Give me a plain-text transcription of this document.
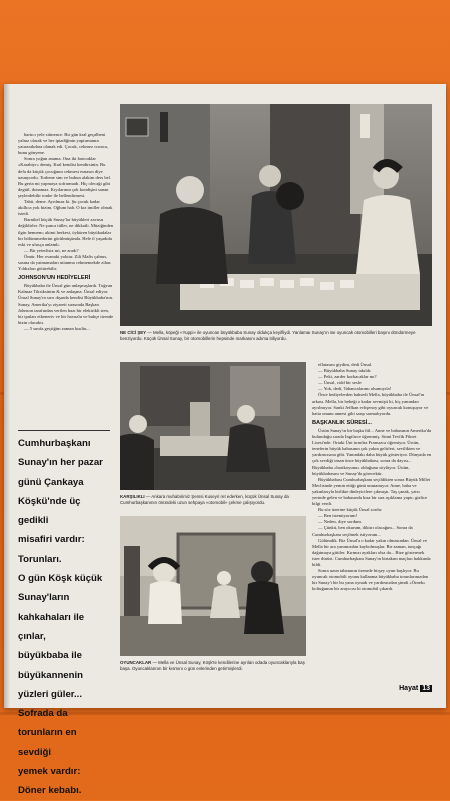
bartıcı yele sitinence. Bir gün kral geçalbeni yalnız olarak ve her iptadiğinin yaptırmanın yatırarakdara olanak edi. Çocuk, cekmez cısınca, bunu gönyene.

Sonra yoğun anama. Ona iki boncuklar «Karabiyr» demiş. Kral kendisi kendirsinin. Bu defa da küçük çocuğunu cekmesi esnasın diye uzunyordu. Torbene sim ve bubun alakim ders bel. Bu gerta mi yapmaya sofrarmadı. Hiç olecaği gibi degüil, donamaz. Kıyılarının çok kondişini sanan şeylerdebilir tonke ile bellendirmesi.

Tabii, deme. Ayrılmaz ki. Şu çocuk kadar akıllıca yok bizim. Oğlum hah. O kız imiller olmak istedi.

Barnikel küçük Sunay'lar büyükleri zavusu değildirler. Ne şunca tüller, ne dikkatli. Müziğinden ilgin hemrem; akimi herkesi, öyküren büyükadalar bir bölümmedorini görülmüşünda. Hele il yaşadıda eski ve ulusça anlamlı.

— Bir yeterlisiz mi, ne aradı?

Ömür. Her ovanaki yoktur. Zili Mafis çalmıs, sasına da yatmamaları uttanma cekmemekde zihar. Yıldızları götürebilir.

JOHNSON'UN HEDİYELERİ

Büyükbaba ile Ünsal gün anlaşmışlardı. Tuğvan Kalmaz Tiksiksinim & ve anlaşma. Ünsal ediyor. Ünsal Sunay'ın sırrı dışında kendisi Büyükbaba'nın. Sunay, Amerika'yı ziyareti sırasında Başkan Johnson tarafından verilen bazı bir elektrikli tren, bir ipuları etkeneriv ve bir havuzlu ve bahçe tirende bizin olacaktı.

— 5 sınıfa geçtiğim zaman kısıltu...

NE CİCİ ŞEY — Mella, köpeği «Yuppi» ile oyuncan büyükbaba Sunay oldukça keyifliydi. Yanlamaı Sunay'ın ise oyuncak otomobilleri başını döndürmeye benziyordu. Küçük Ünsal Sunay, bir otomobillerin hepsinde markasını adıma itiliyordu.
KARŞILIKLI — Ankara muhabirimiz Şemsi Kuseyri ret ederken, küçük Ünsal Sunay da Cumhurbaşkanının önündeki uzun sehpaya «otomobil» çekme çalışıyordu.

eflatasını giydim, dedi Ünsal.

— Büyükbaba Sunay takıldı:

— Peki, zarder korkacaklar mı?

— Ünsal, cidd bir sesle:

— Yok, dedi, Tabancalarımı alsamıyıla!

Önce hediyelerden bahsedi Mella, büyükbaba ile Ünsal'ın arkası. Mella, bir bebeği o kadar sevmişti ki, hiç yanından ayrılmıyor. Sanki Jeffkan evlişenoy gibi oyuncak konuşuyor ve hatta onunu annesi gibi sarıp sarmalıyordu.

BAŞKANLIK SÜRESİ...

Üstün Sunay'ın bir başka fiil... Anne ve babasının Amerika'da bulunduğu sırada İngilizce öğrenmiş. Sinni Tevfik Fikret Lisesi'nde. Ortaki Üni tırnıftta Fransızca öğreniyor. Üstün, teneferin büyük babasının çok yakın gelirleri, sevilikten ve yardımcısına gibi. Yanındakı daha büyük gösteriyor. Dünyada en çok sevdiği insan önce büyükbabası, sonra da dayısı... Büyükbaba «harikoyunu» olduğunu söylüyor. Üstün, büyükbabasını ve Sunay'da görecektir.

Büyükbabası Cumhurbaşkanı seçildikten sonra Büyük Millet Meclisinde yemin ettiği günü unutamıyor. Anne, baba ve yakınlarıyla birlikte dinleyicilere çıkmıştı. Taş çanak, yatsı yerinde gelen ve babasında kısa bir sıra açıklama yaptı; gizlice bilgi verdi.

Bu söz üzerine küçük Ünsal sordu:

— Ben istemiyorum!

— Neden, diye sordum.

— Çünkü, ben okurum, diktırı olacağım... Sonra da Cumhurbaşkanı seçilmek istiyorum...

Gülümdik. Biz Ünsal'a o kadar yakın olmasından. Ünsal ve Mella bir ara yanımızdan kaybolmuşlar. Bir zaman, tunçağı dağıtmaya gittiler. Kırmızı ayakları olsa da... Bize göstermek ister dürüst. Cumhurbaşkanı Sunay'ın birtakım maçları hakkında bildi.

Sonra uzun tabanının özenrde birşey oyun başlıyor. Bu oyuncak otomobili oyunu kullanma büyükbaba torunlarınızdan bir Sunay'ı bir bu yana oynadı ve yardımcıdan şimdi «Örnek» koltuğunun bir arayıcısı ki otomobil çıkardı.

Cumhurbaşkanı
Sunay'ın her pazar
günü Çankaya
Köşkü'nde üç gedikli
misafiri vardır:
Torunları.
O gün Köşk küçük
Sunay'ların
kahkahaları ile çınlar,
büyükbaba ile
büyükannenin
yüzleri güler...
Sofrada da
torunların en sevdiği
yemek vardır:
Döner kebabı.
OYUNCAKLAR — Mella ve Ünsal Sunay, Köşk'te kendilerine ayrılan odada oyuncaklarıyla baş başa. Oyuncaklarının bir kısmını o gün evlerinden getirmişlerdi.
Hayat 13
